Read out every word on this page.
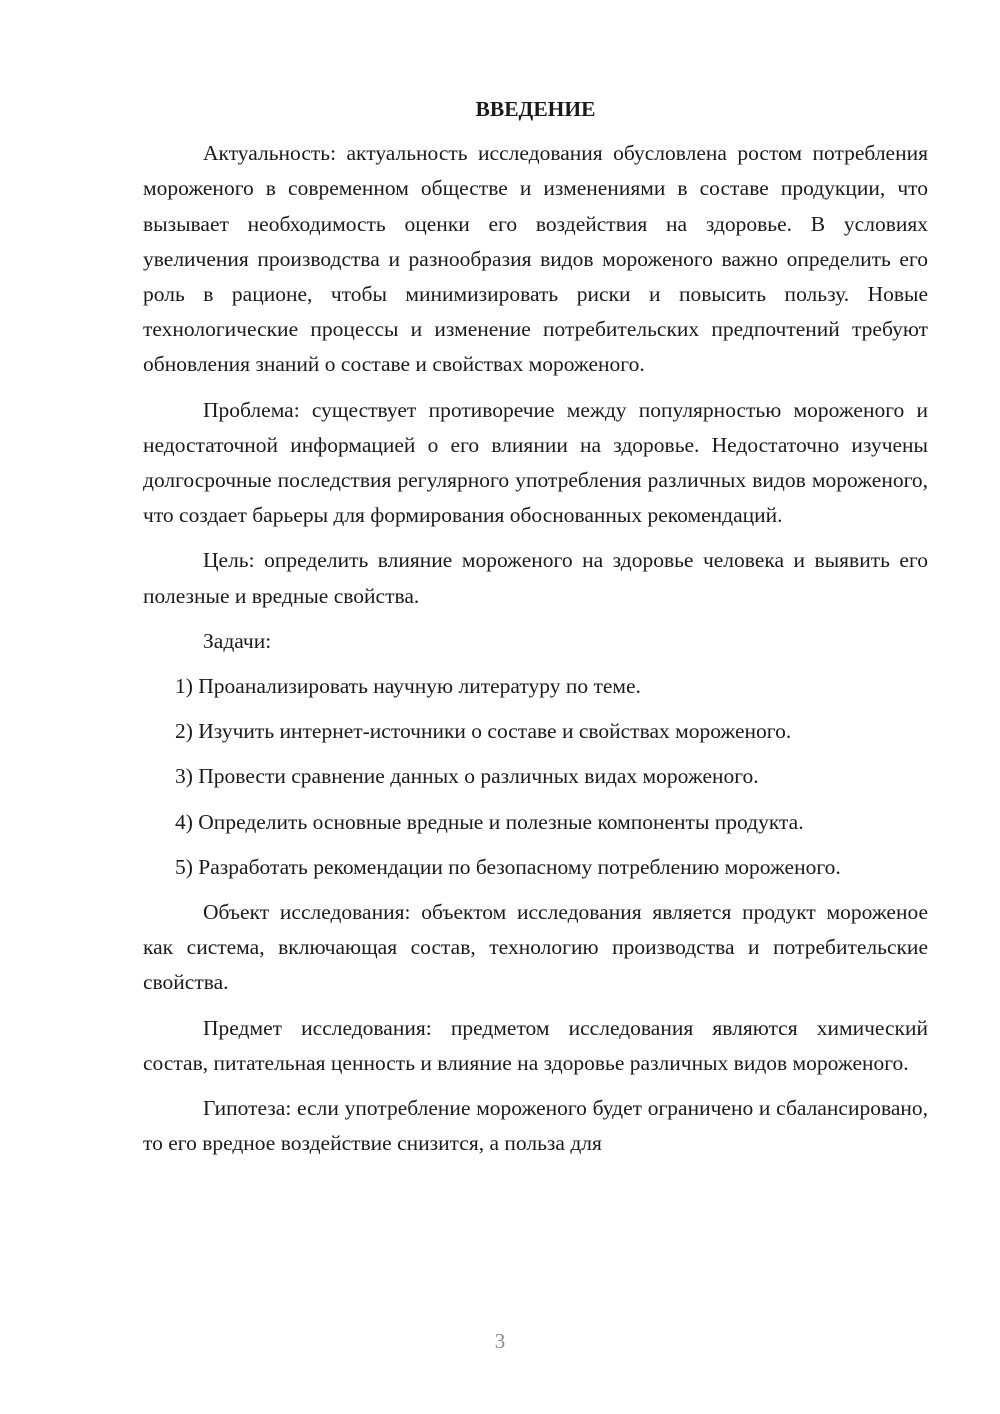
ВВЕДЕНИЕ

Актуальность: актуальность исследования обусловлена ростом потребления мороженого в современном обществе и изменениями в составе продукции, что вызывает необходимость оценки его воздействия на здоровье. В условиях увеличения производства и разнообразия видов мороженого важно определить его роль в рационе, чтобы минимизировать риски и повысить пользу. Новые технологические процессы и изменение потребительских предпочтений требуют обновления знаний о составе и свойствах мороженого.

Проблема: существует противоречие между популярностью мороженого и недостаточной информацией о его влиянии на здоровье. Недостаточно изучены долгосрочные последствия регулярного употребления различных видов мороженого, что создает барьеры для формирования обоснованных рекомендаций.

Цель: определить влияние мороженого на здоровье человека и выявить его полезные и вредные свойства.

Задачи:

1) Проанализировать научную литературу по теме.

2) Изучить интернет-источники о составе и свойствах мороженого.

3) Провести сравнение данных о различных видах мороженого.

4) Определить основные вредные и полезные компоненты продукта.

5) Разработать рекомендации по безопасному потреблению мороженого.

Объект исследования: объектом исследования является продукт мороженое как система, включающая состав, технологию производства и потребительские свойства.

Предмет исследования: предметом исследования являются химический состав, питательная ценность и влияние на здоровье различных видов мороженого.

Гипотеза: если употребление мороженого будет ограничено и сбалансировано, то его вредное воздействие снизится, а польза для

3
